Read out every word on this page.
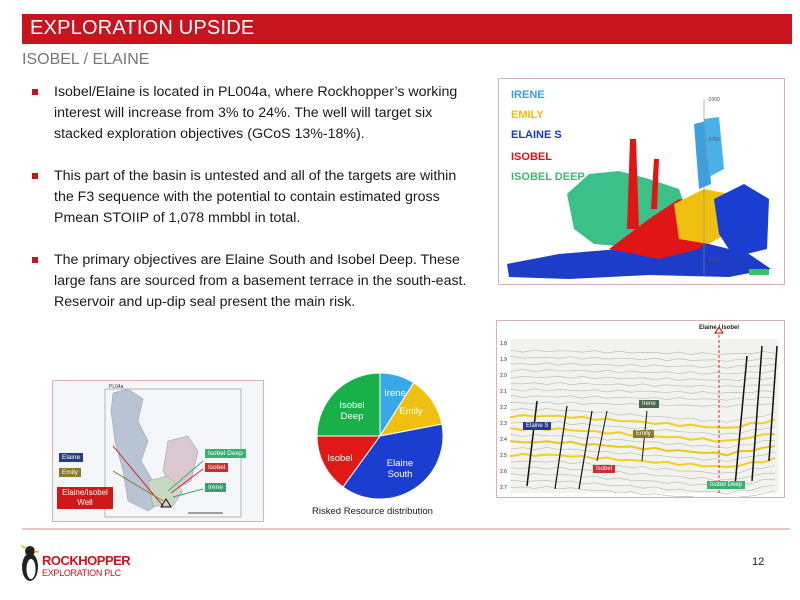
EXPLORATION UPSIDE
ISOBEL / ELAINE
Isobel/Elaine is located in PL004a, where Rockhopper’s working interest will increase from 3% to 24%. The well will target six stacked exploration objectives (GCoS 13%-18%).
This part of the basin is untested and all of the targets are within the F3 sequence with the potential to contain estimated gross Pmean STOIIP of 1,078 mmbbl in total.
The primary objectives are Elaine South and Isobel Deep. These large fans are sourced from a basement terrace in the south-east. Reservoir and up-dip seal present the main risk.
IRENE
EMILY
ELAINE S
ISOBEL
ISOBEL DEEP
-2000
-2750
-3000
Elaine / Isobel
1.8
1.9
2.0
2.1
2.2
2.3
2.4
2.5
2.6
2.7
Irene
Emily
Elaine S
Isobel
Isobel Deep
PL04a
Elaine
Emily
Isobel Deep
Isobel
Irene
Elaine/Isobel Well
Irene
Emily
Elaine
South
Isobel
Isobel
Deep
Risked Resource distribution
ROCKHOPPER
EXPLORATION PLC
12
